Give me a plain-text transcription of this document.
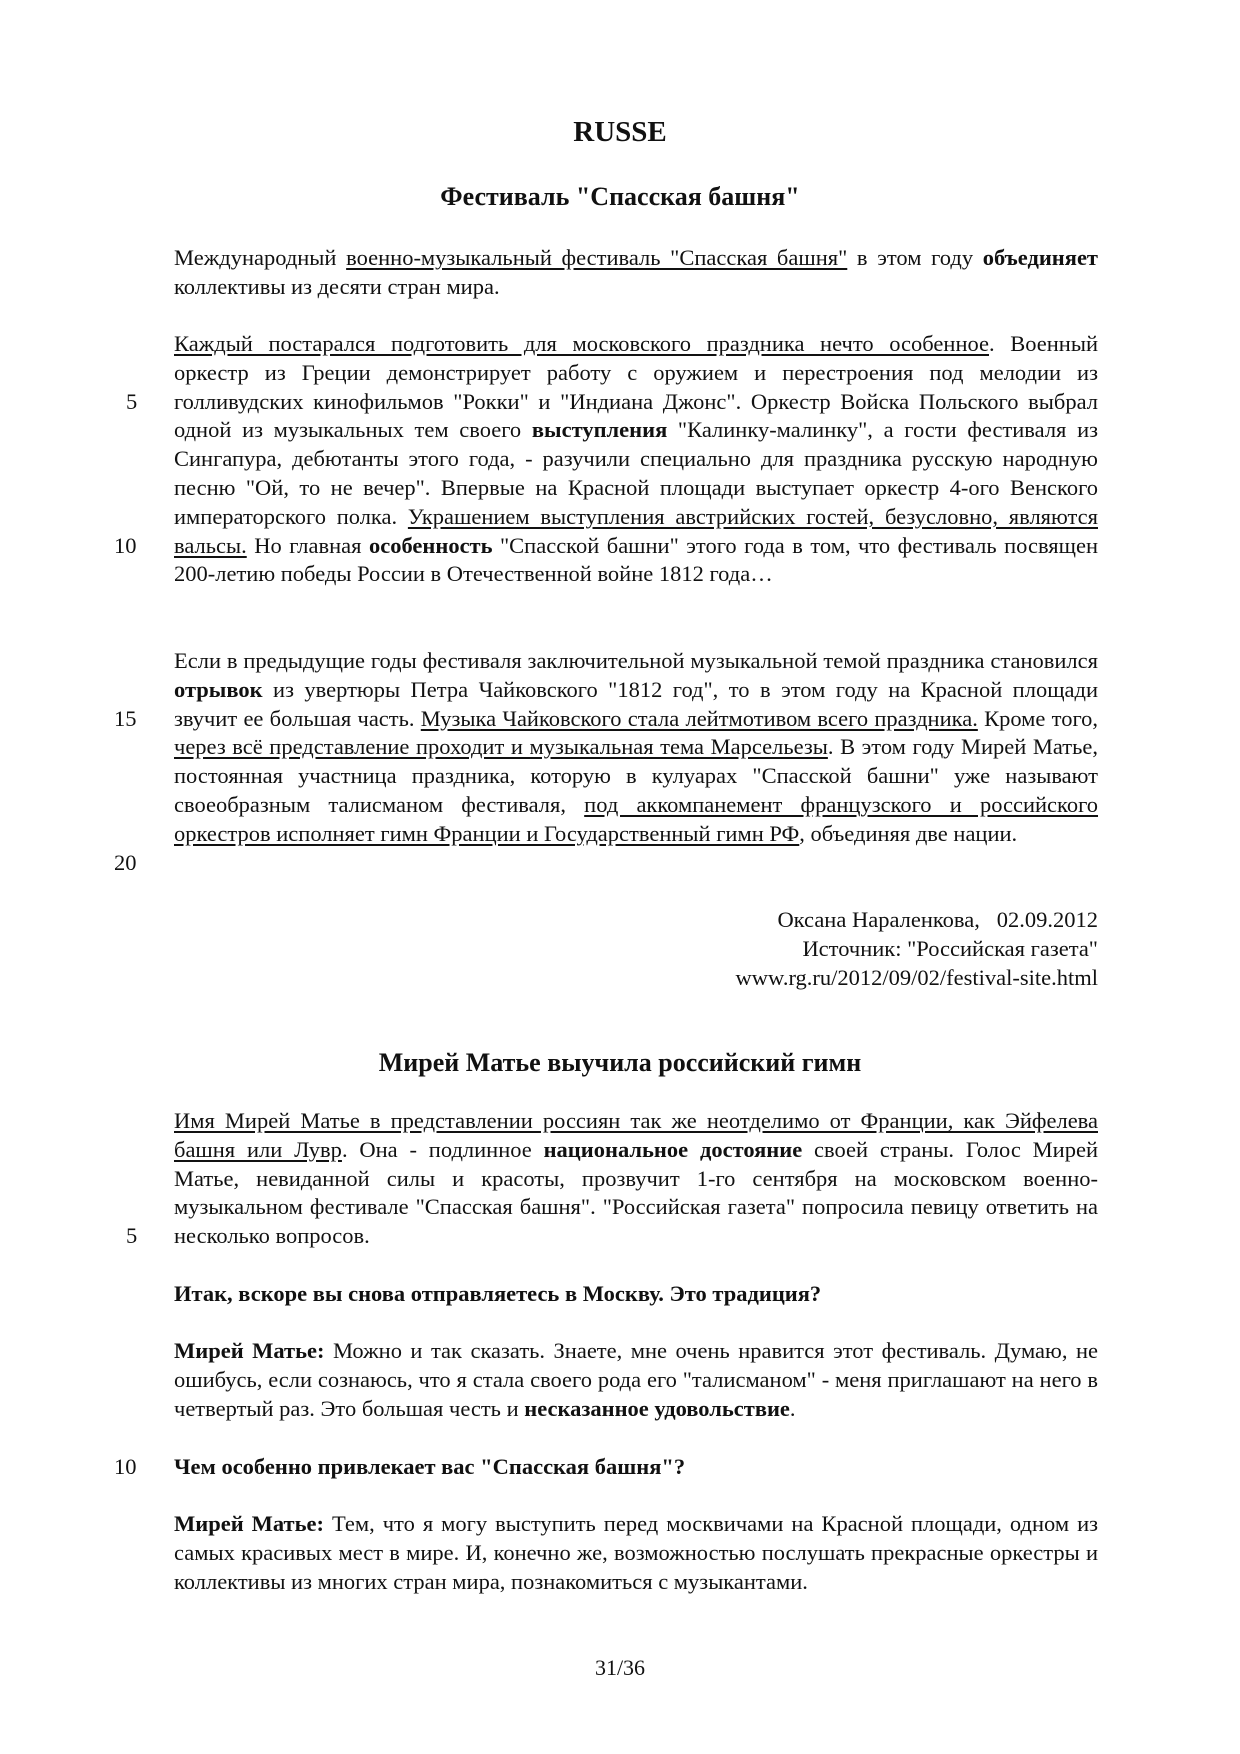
RUSSE
Фестиваль "Спасская башня"

Международный военно-музыкальный фестиваль "Спасская башня" в этом году объединяет коллективы из десяти стран мира.

Каждый постарался подготовить для московского праздника нечто особенное. Военный оркестр из Греции демонстрирует работу с оружием и перестроения под мелодии из голливудских кинофильмов "Рокки" и "Индиана Джонс". Оркестр Войска Польского выбрал одной из музыкальных тем своего выступления "Калинку-малинку", а гости фестиваля из Сингапура, дебютанты этого года, - разучили специально для праздника русскую народную песню "Ой, то не вечер". Впервые на Красной площади выступает оркестр 4-ого Венского императорского полка. Украшением выступления австрийских гостей, безусловно, являются вальсы. Но главная особенность "Спасской башни" этого года в том, что фестиваль посвящен 200-летию победы России в Отечественной войне 1812 года…

Если в предыдущие годы фестиваля заключительной музыкальной темой праздника становился отрывок из увертюры Петра Чайковского "1812 год", то в этом году на Красной площади звучит ее большая часть. Музыка Чайковского стала лейтмотивом всего праздника. Кроме того, через всё представление проходит и музыкальная тема Марсельезы. В этом году Мирей Матье, постоянная участница праздника, которую в кулуарах "Спасской башни" уже называют своеобразным талисманом фестиваля, под аккомпанемент французского и российского оркестров исполняет гимн Франции и Государственный гимн РФ, объединяя две нации.

5
10
15
20
Оксана Нараленкова,   02.09.2012
Источник: "Российская газета"
www.rg.ru/2012/09/02/festival-site.html
Мирей Матье выучила российский гимн

Имя Мирей Матье в представлении россиян так же неотделимо от Франции, как Эйфелева башня или Лувр. Она - подлинное национальное достояние своей страны. Голос Мирей Матье, невиданной силы и красоты, прозвучит 1-го сентября на московском военно-музыкальном фестивале "Спасская башня". "Российская газета" попросила певицу ответить на несколько вопросов.

5

Итак, вскоре вы снова отправляетесь в Москву. Это традиция?

Мирей Матье: Можно и так сказать. Знаете, мне очень нравится этот фестиваль. Думаю, не ошибусь, если сознаюсь, что я стала своего рода его "талисманом" - меня приглашают на него в четвертый раз. Это большая честь и несказанное удовольствие.

Чем особенно привлекает вас "Спасская башня"?

10

Мирей Матье: Тем, что я могу выступить перед москвичами на Красной площади, одном из самых красивых мест в мире. И, конечно же, возможностью послушать прекрасные оркестры и коллективы из многих стран мира, познакомиться с музыкантами.

31/36
